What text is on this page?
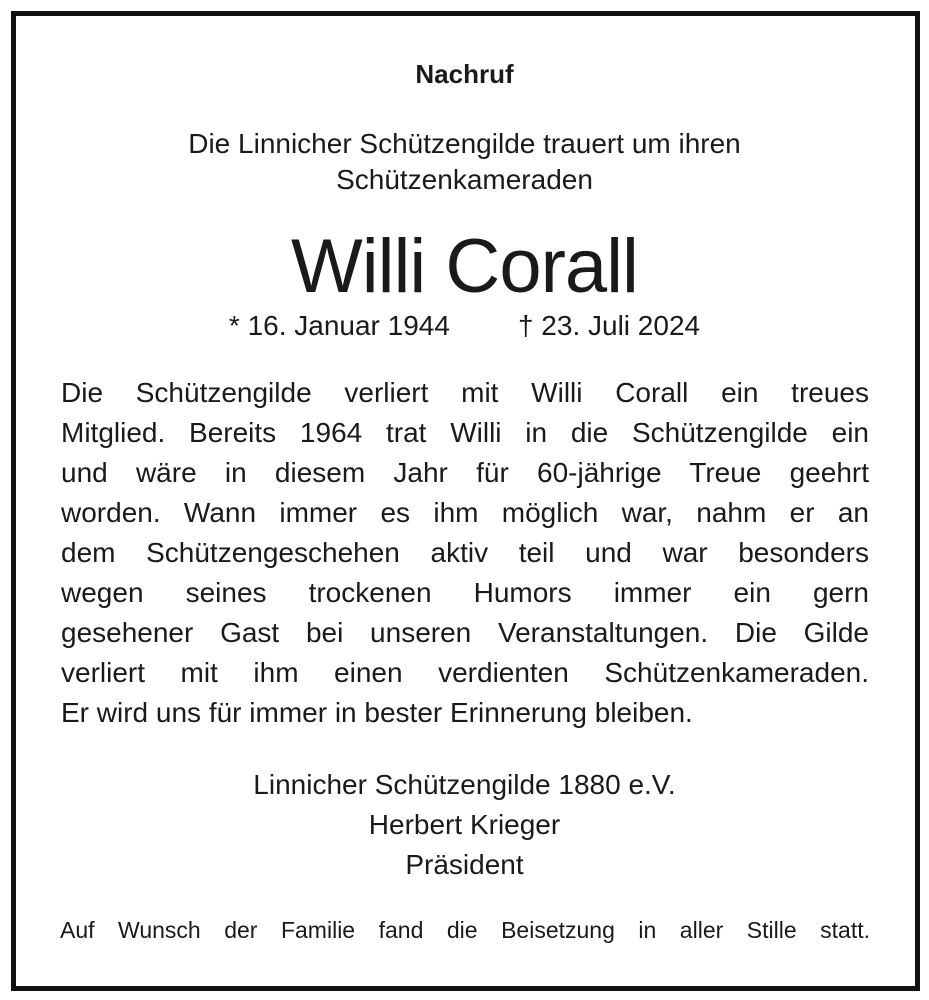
Nachruf
Die Linnicher Schützengilde trauert um ihren
Schützenkameraden
Willi Corall
* 16. Januar 1944 † 23. Juli 2024
Die Schützengilde verliert mit Willi Corall ein treues
Mitglied. Bereits 1964 trat Willi in die Schützengilde ein
und wäre in diesem Jahr für 60-jährige Treue geehrt
worden. Wann immer es ihm möglich war, nahm er an
dem Schützengeschehen aktiv teil und war besonders
wegen seines trockenen Humors immer ein gern
gesehener Gast bei unseren Veranstaltungen. Die Gilde
verliert mit ihm einen verdienten Schützenkameraden.
Er wird uns für immer in bester Erinnerung bleiben.
Linnicher Schützengilde 1880 e.V.
Herbert Krieger
Präsident
Auf Wunsch der Familie fand die Beisetzung in aller Stille statt.
